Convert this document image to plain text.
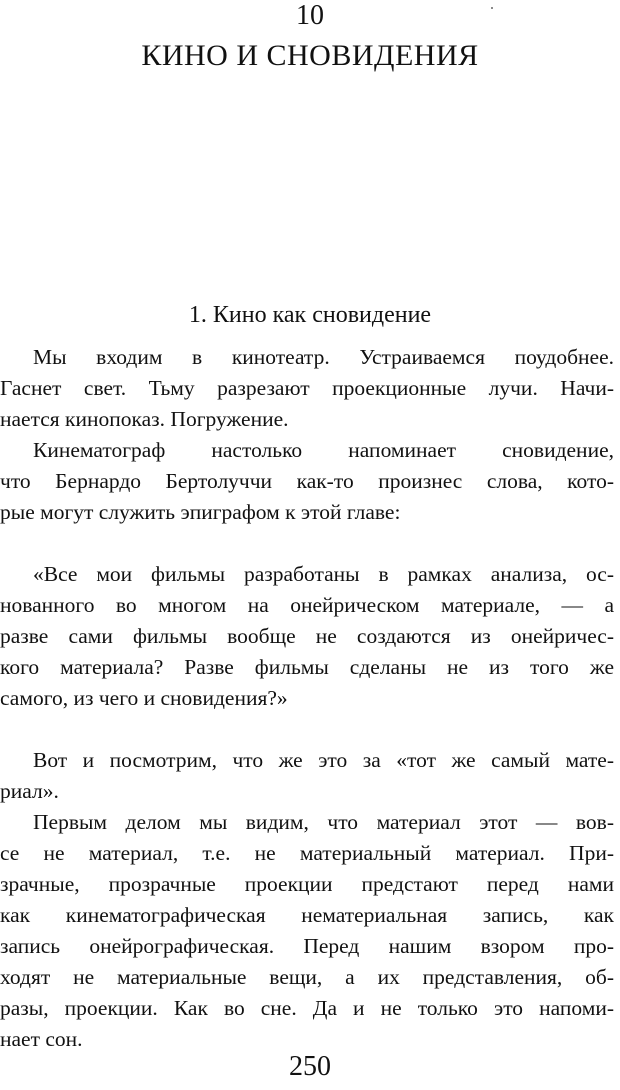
10
КИНО И СНОВИДЕНИЯ
1. Кино как сновидение
Мы входим в кинотеатр. Устраиваемся поудобнее.
Гаснет свет. Тьму разрезают проекционные лучи. Начи-
нается кинопоказ. Погружение.
Кинематограф настолько напоминает сновидение,
что Бернардо Бертолуччи как-то произнес слова, кото-
рые могут служить эпиграфом к этой главе:
«Все мои фильмы разработаны в рамках анализа, ос-
нованного во многом на онейрическом материале, — а
разве сами фильмы вообще не создаются из онейричес-
кого материала? Разве фильмы сделаны не из того же
самого, из чего и сновидения?»
Вот и посмотрим, что же это за «тот же самый мате-
риал».
Первым делом мы видим, что материал этот — вов-
се не материал, т.е. не материальный материал. При-
зрачные, прозрачные проекции предстают перед нами
как кинематографическая нематериальная запись, как
запись онейрографическая. Перед нашим взором про-
ходят не материальные вещи, а их представления, об-
разы, проекции. Как во сне. Да и не только это напоми-
нает сон.
250
